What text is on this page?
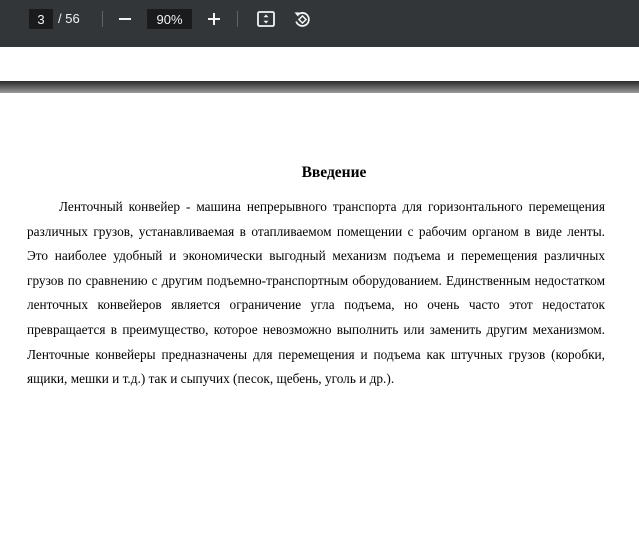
3
/ 56
90%
Введение

Ленточный конвейер - машина непрерывного транспорта для горизонтального перемещения различных грузов, устанавливаемая в отапливаемом помещении с рабочим органом в виде ленты. Это наиболее удобный и экономически выгодный механизм подъема и перемещения различных грузов по сравнению с другим подъемно-транспортным оборудованием. Единственным недостатком ленточных конвейеров является ограничение угла подъема, но очень часто этот недостаток превращается в преимущество, которое невозможно выполнить или заменить другим механизмом. Ленточные конвейеры предназначены для перемещения и подъема как штучных грузов (коробки, ящики, мешки и т.д.) так и сыпучих (песок, щебень, уголь и др.).
